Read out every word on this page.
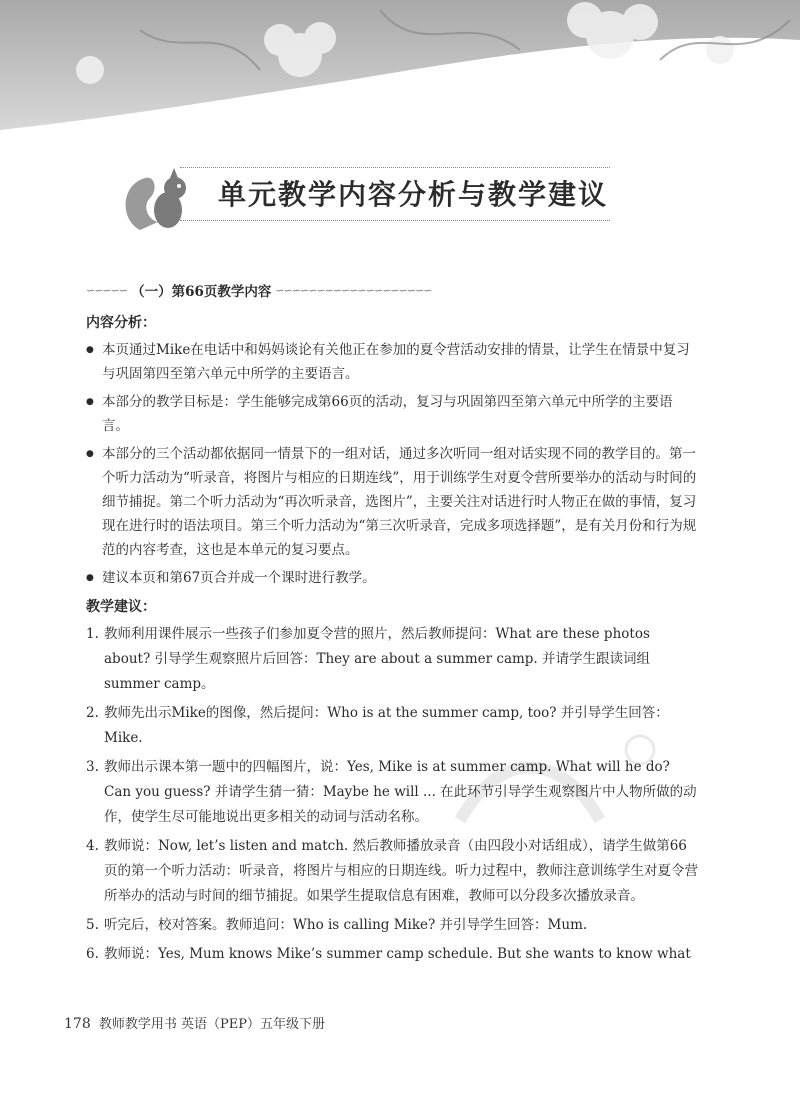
单元教学内容分析与教学建议
∽∽∽∽∽ （一）第66页教学内容 ∽∽∽∽∽∽∽∽∽∽∽∽∽∽∽∽∽∽∽
内容分析：
● 本页通过Mike在电话中和妈妈谈论有关他正在参加的夏令营活动安排的情景，让学生在情景中复习与巩固第四至第六单元中所学的主要语言。
● 本部分的教学目标是：学生能够完成第66页的活动，复习与巩固第四至第六单元中所学的主要语言。
● 本部分的三个活动都依据同一情景下的一组对话，通过多次听同一组对话实现不同的教学目的。第一个听力活动为“听录音，将图片与相应的日期连线”，用于训练学生对夏令营所要举办的活动与时间的细节捕捉。第二个听力活动为“再次听录音，选图片”，主要关注对话进行时人物正在做的事情，复习现在进行时的语法项目。第三个听力活动为“第三次听录音，完成多项选择题”，是有关月份和行为规范的内容考查，这也是本单元的复习要点。
● 建议本页和第67页合并成一个课时进行教学。
教学建议：
1. 教师利用课件展示一些孩子们参加夏令营的照片，然后教师提问：What are these photos about? 引导学生观察照片后回答：They are about a summer camp. 并请学生跟读词组summer camp。
2. 教师先出示Mike的图像，然后提问：Who is at the summer camp, too? 并引导学生回答：Mike.
3. 教师出示课本第一题中的四幅图片，说：Yes, Mike is at summer camp. What will he do? Can you guess? 并请学生猜一猜：Maybe he will ... 在此环节引导学生观察图片中人物所做的动作，使学生尽可能地说出更多相关的动词与活动名称。
4. 教师说：Now, let’s listen and match. 然后教师播放录音（由四段小对话组成），请学生做第66页的第一个听力活动：听录音，将图片与相应的日期连线。听力过程中，教师注意训练学生对夏令营所举办的活动与时间的细节捕捉。如果学生提取信息有困难，教师可以分段多次播放录音。
5. 听完后，校对答案。教师追问：Who is calling Mike? 并引导学生回答：Mum.
6. 教师说：Yes, Mum knows Mike’s summer camp schedule. But she wants to know what
178 教师教学用书 英语（PEP）五年级下册
